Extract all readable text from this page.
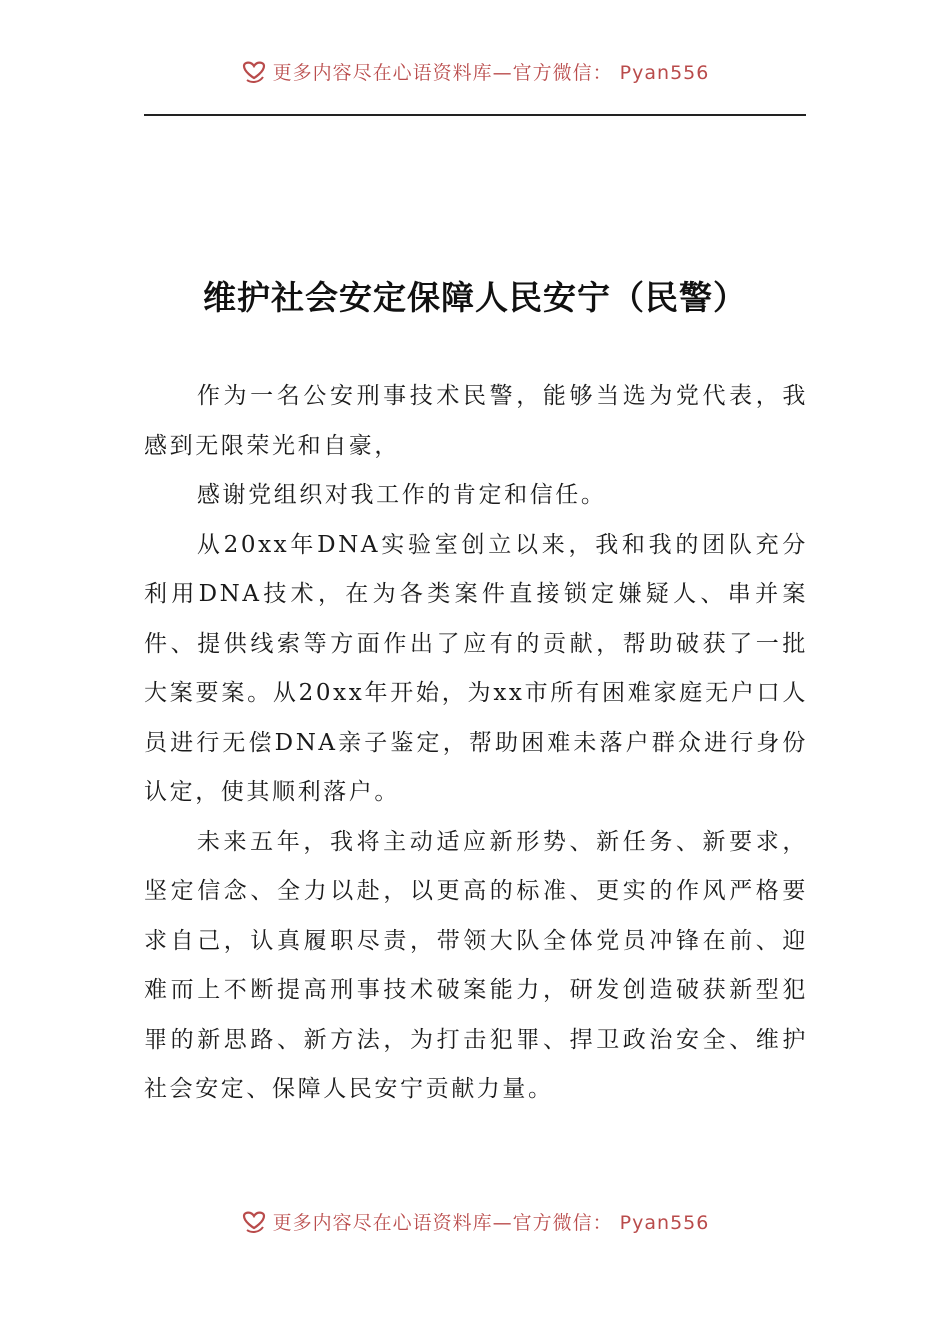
更多内容尽在心语资料库—官方微信： Pyan556
维护社会安定保障人民安宁（民警）

作为一名公安刑事技术民警，能够当选为党代表，我感到无限荣光和自豪，

感谢党组织对我工作的肯定和信任。

从20xx年DNA实验室创立以来，我和我的团队充分利用DNA技术，在为各类案件直接锁定嫌疑人、串并案件、提供线索等方面作出了应有的贡献，帮助破获了一批大案要案。从20xx年开始，为xx市所有困难家庭无户口人员进行无偿DNA亲子鉴定，帮助困难未落户群众进行身份认定，使其顺利落户。

未来五年，我将主动适应新形势、新任务、新要求，坚定信念、全力以赴，以更高的标准、更实的作风严格要求自己，认真履职尽责，带领大队全体党员冲锋在前、迎难而上不断提高刑事技术破案能力，研发创造破获新型犯罪的新思路、新方法，为打击犯罪、捍卫政治安全、维护社会安定、保障人民安宁贡献力量。

更多内容尽在心语资料库—官方微信： Pyan556
